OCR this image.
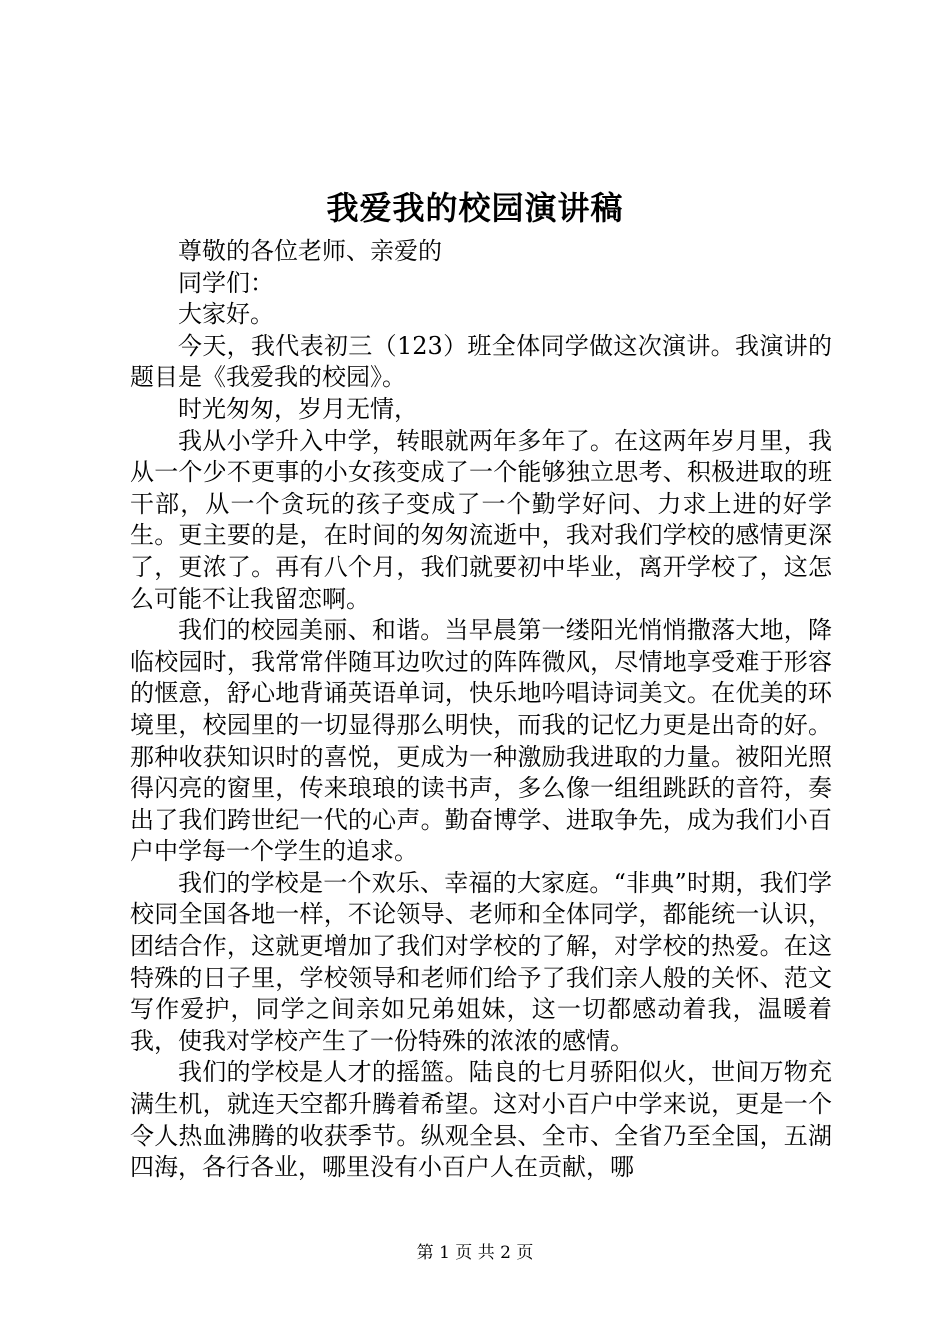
我爱我的校园演讲稿

尊敬的各位老师、亲爱的

同学们：

大家好。

今天，我代表初三（123）班全体同学做这次演讲。我演讲的题目是《我爱我的校园》。

时光匆匆，岁月无情，

我从小学升入中学，转眼就两年多年了。在这两年岁月里，我从一个少不更事的小女孩变成了一个能够独立思考、积极进取的班干部，从一个贪玩的孩子变成了一个勤学好问、力求上进的好学生。更主要的是，在时间的匆匆流逝中，我对我们学校的感情更深了，更浓了。再有八个月，我们就要初中毕业，离开学校了，这怎么可能不让我留恋啊。

我们的校园美丽、和谐。当早晨第一缕阳光悄悄撒落大地，降临校园时，我常常伴随耳边吹过的阵阵微风，尽情地享受难于形容的惬意，舒心地背诵英语单词，快乐地吟唱诗词美文。在优美的环境里，校园里的一切显得那么明快，而我的记忆力更是出奇的好。那种收获知识时的喜悦，更成为一种激励我进取的力量。被阳光照得闪亮的窗里，传来琅琅的读书声，多么像一组组跳跃的音符，奏出了我们跨世纪一代的心声。勤奋博学、进取争先，成为我们小百户中学每一个学生的追求。

我们的学校是一个欢乐、幸福的大家庭。“非典”时期，我们学校同全国各地一样，不论领导、老师和全体同学，都能统一认识，团结合作，这就更增加了我们对学校的了解，对学校的热爱。在这特殊的日子里，学校领导和老师们给予了我们亲人般的关怀、范文写作爱护，同学之间亲如兄弟姐妹，这一切都感动着我，温暖着我，使我对学校产生了一份特殊的浓浓的感情。

我们的学校是人才的摇篮。陆良的七月骄阳似火，世间万物充满生机，就连天空都升腾着希望。这对小百户中学来说，更是一个令人热血沸腾的收获季节。纵观全县、全市、全省乃至全国，五湖四海，各行各业，哪里没有小百户人在贡献，哪

第 1 页 共 2 页
